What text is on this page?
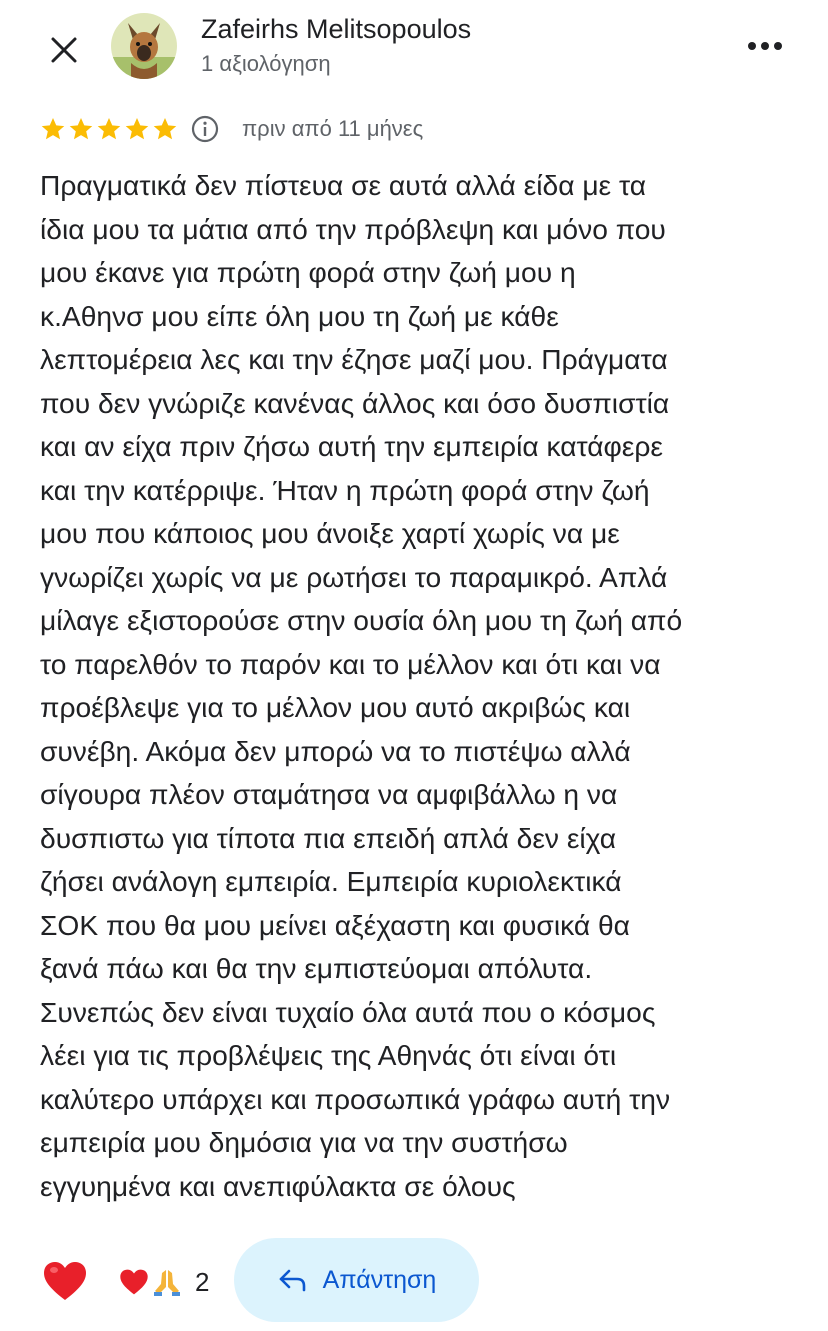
Zafeirhs Melitsopoulos
1 αξιολόγηση
πριν από 11 μήνες
Πραγματικά δεν πίστευα σε αυτά αλλά είδα με τα
ίδια μου τα μάτια από την πρόβλεψη και μόνο που
μου έκανε για πρώτη φορά στην ζωή μου η
κ.Αθηνσ μου είπε όλη μου τη ζωή με κάθε
λεπτομέρεια λες και την έζησε μαζί μου. Πράγματα
που δεν γνώριζε κανένας άλλος και όσο δυσπιστία
και αν είχα πριν ζήσω αυτή την εμπειρία κατάφερε
και την κατέρριψε. Ήταν η πρώτη φορά στην ζωή
μου που κάποιος μου άνοιξε χαρτί χωρίς να με
γνωρίζει χωρίς να με ρωτήσει το παραμικρό. Απλά
μίλαγε εξιστορούσε στην ουσία όλη μου τη ζωή από
το παρελθόν το παρόν και το μέλλον και ότι και να
προέβλεψε για το μέλλον μου αυτό ακριβώς και
συνέβη. Ακόμα δεν μπορώ να το πιστέψω αλλά
σίγουρα πλέον σταμάτησα να αμφιβάλλω η να
δυσπιστω για τίποτα πια επειδή απλά δεν είχα
ζήσει ανάλογη εμπειρία. Εμπειρία κυριολεκτικά
ΣΟΚ που θα μου μείνει αξέχαστη και φυσικά θα
ξανά πάω και θα την εμπιστεύομαι απόλυτα.
Συνεπώς δεν είναι τυχαίο όλα αυτά που ο κόσμος
λέει για τις προβλέψεις της Αθηνάς ότι είναι ότι
καλύτερο υπάρχει και προσωπικά γράφω αυτή την
εμπειρία μου δημόσια για να την συστήσω
εγγυημένα και ανεπιφύλακτα σε όλους
2	Απάντηση
